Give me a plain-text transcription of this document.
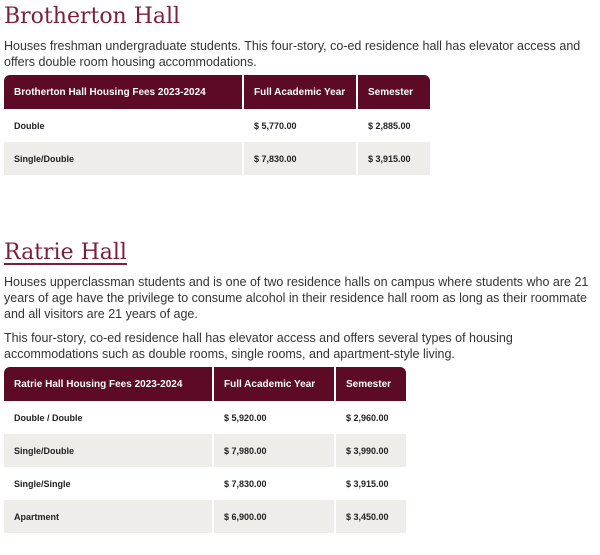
Brotherton Hall

Houses freshman undergraduate students. This four-story, co-ed residence hall has elevator access and offers double room housing accommodations.

Brotherton Hall Housing Fees 2023-2024	Full Academic Year	Semester
Double	$ 5,770.00	$ 2,885.00
Single/Double	$ 7,830.00	$ 3,915.00
Ratrie Hall

Houses upperclassman students and is one of two residence halls on campus where students who are 21 years of age have the privilege to consume alcohol in their residence hall room as long as their roommate and all visitors are 21 years of age.

This four-story, co-ed residence hall has elevator access and offers several types of housing accommodations such as double rooms, single rooms, and apartment-style living.

Ratrie Hall Housing Fees 2023-2024	Full Academic Year	Semester
Double / Double	$ 5,920.00	$ 2,960.00
Single/Double	$ 7,980.00	$ 3,990.00
Single/Single	$ 7,830.00	$ 3,915.00
Apartment	$ 6,900.00	$ 3,450.00
